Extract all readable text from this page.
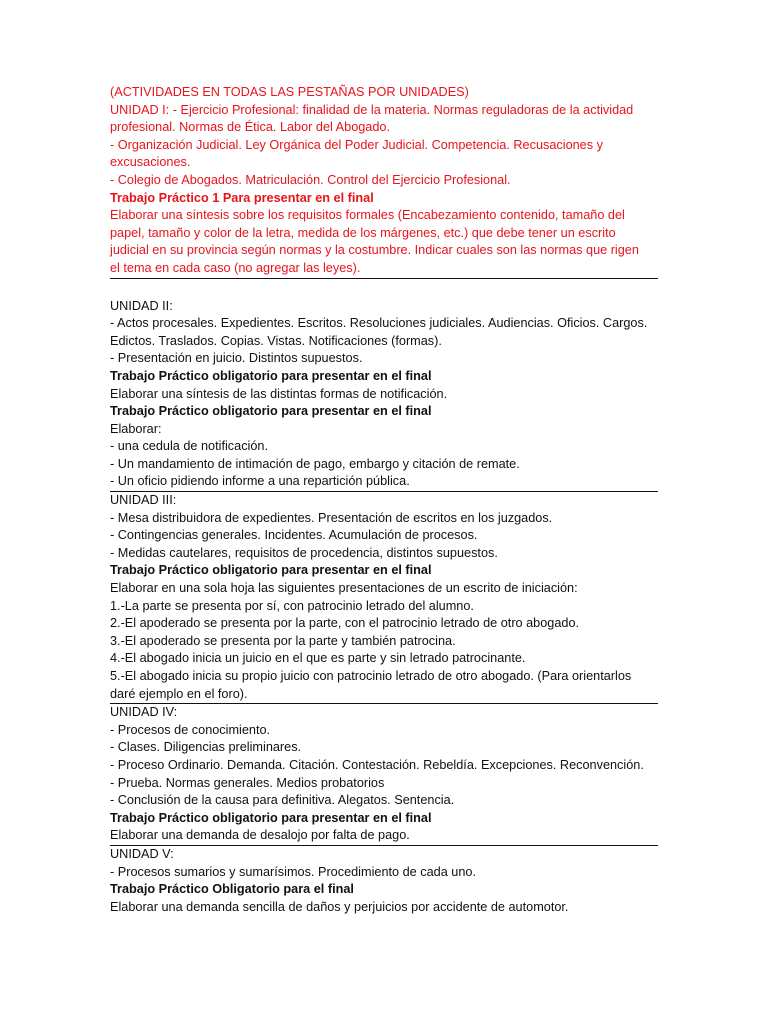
(ACTIVIDADES EN TODAS LAS PESTAÑAS POR UNIDADES)
UNIDAD I: - Ejercicio Profesional: finalidad de la materia. Normas reguladoras de la actividad
profesional. Normas de Ética. Labor del Abogado.
- Organización Judicial. Ley Orgánica del Poder Judicial. Competencia. Recusaciones y
excusaciones.
- Colegio de Abogados. Matriculación. Control del Ejercicio Profesional.
Trabajo Práctico 1 Para presentar en el final
Elaborar una síntesis sobre los requisitos formales (Encabezamiento contenido, tamaño del
papel, tamaño y color de la letra, medida de los márgenes, etc.) que debe tener un escrito
judicial en su provincia según normas y la costumbre. Indicar cuales son las normas que rigen
el tema en cada caso (no agregar las leyes).
UNIDAD II:
- Actos procesales. Expedientes. Escritos. Resoluciones judiciales. Audiencias. Oficios. Cargos.
Edictos. Traslados. Copias. Vistas. Notificaciones (formas).
- Presentación en juicio. Distintos supuestos.
Trabajo Práctico obligatorio para presentar en el final
Elaborar una síntesis de las distintas formas de notificación.
Trabajo Práctico obligatorio para presentar en el final
Elaborar:
- una cedula de notificación.
- Un mandamiento de intimación de pago, embargo y citación de remate.
- Un oficio pidiendo informe a una repartición pública.
UNIDAD III:
- Mesa distribuidora de expedientes. Presentación de escritos en los juzgados.
- Contingencias generales. Incidentes. Acumulación de procesos.
- Medidas cautelares, requisitos de procedencia, distintos supuestos.
Trabajo Práctico obligatorio para presentar en el final
Elaborar en una sola hoja las siguientes presentaciones de un escrito de iniciación:
1.-La parte se presenta por sí, con patrocinio letrado del alumno.
2.-El apoderado se presenta por la parte, con el patrocinio letrado de otro abogado.
3.-El apoderado se presenta por la parte y también patrocina.
4.-El abogado inicia un juicio en el que es parte y sin letrado patrocinante.
5.-El abogado inicia su propio juicio con patrocinio letrado de otro abogado. (Para orientarlos
daré ejemplo en el foro).
UNIDAD IV:
- Procesos de conocimiento.
- Clases. Diligencias preliminares.
- Proceso Ordinario. Demanda. Citación. Contestación. Rebeldía. Excepciones. Reconvención.
- Prueba. Normas generales. Medios probatorios
- Conclusión de la causa para definitiva. Alegatos. Sentencia.
Trabajo Práctico obligatorio para presentar en el final
Elaborar una demanda de desalojo por falta de pago.
UNIDAD V:
- Procesos sumarios y sumarísimos. Procedimiento de cada uno.
Trabajo Práctico Obligatorio para el final
Elaborar una demanda sencilla de daños y perjuicios por accidente de automotor.
